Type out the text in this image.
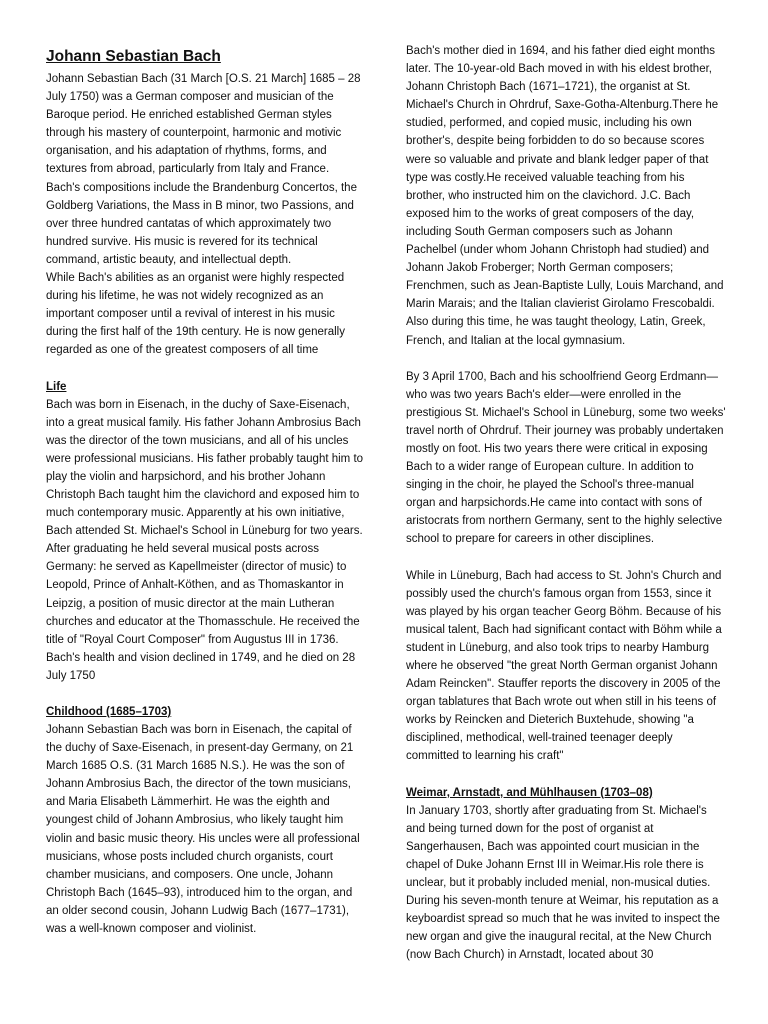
Johann Sebastian Bach

Johann Sebastian Bach (31 March [O.S. 21 March] 1685 – 28 July 1750) was a German composer and musician of the Baroque period. He enriched established German styles through his mastery of counterpoint, harmonic and motivic organisation, and his adaptation of rhythms, forms, and textures from abroad, particularly from Italy and France. Bach's compositions include the Brandenburg Concertos, the Goldberg Variations, the Mass in B minor, two Passions, and over three hundred cantatas of which approximately two hundred survive. His music is revered for its technical command, artistic beauty, and intellectual depth.

While Bach's abilities as an organist were highly respected during his lifetime, he was not widely recognized as an important composer until a revival of interest in his music during the first half of the 19th century. He is now generally regarded as one of the greatest composers of all time

Life

Bach was born in Eisenach, in the duchy of Saxe-Eisenach, into a great musical family. His father Johann Ambrosius Bach was the director of the town musicians, and all of his uncles were professional musicians. His father probably taught him to play the violin and harpsichord, and his brother Johann Christoph Bach taught him the clavichord and exposed him to much contemporary music. Apparently at his own initiative, Bach attended St. Michael's School in Lüneburg for two years. After graduating he held several musical posts across Germany: he served as Kapellmeister (director of music) to Leopold, Prince of Anhalt-Köthen, and as Thomaskantor in Leipzig, a position of music director at the main Lutheran churches and educator at the Thomasschule. He received the title of "Royal Court Composer" from Augustus III in 1736. Bach's health and vision declined in 1749, and he died on 28 July 1750

Childhood (1685–1703)

Johann Sebastian Bach was born in Eisenach, the capital of the duchy of Saxe-Eisenach, in present-day Germany, on 21 March 1685 O.S. (31 March 1685 N.S.). He was the son of Johann Ambrosius Bach, the director of the town musicians, and Maria Elisabeth Lämmerhirt. He was the eighth and youngest child of Johann Ambrosius, who likely taught him violin and basic music theory. His uncles were all professional musicians, whose posts included church organists, court chamber musicians, and composers. One uncle, Johann Christoph Bach (1645–93), introduced him to the organ, and an older second cousin, Johann Ludwig Bach (1677–1731), was a well-known composer and violinist.

Bach's mother died in 1694, and his father died eight months later. The 10-year-old Bach moved in with his eldest brother, Johann Christoph Bach (1671–1721), the organist at St. Michael's Church in Ohrdruf, Saxe-Gotha-Altenburg.There he studied, performed, and copied music, including his own brother's, despite being forbidden to do so because scores were so valuable and private and blank ledger paper of that type was costly.He received valuable teaching from his brother, who instructed him on the clavichord. J.C. Bach exposed him to the works of great composers of the day, including South German composers such as Johann Pachelbel (under whom Johann Christoph had studied) and Johann Jakob Froberger; North German composers; Frenchmen, such as Jean-Baptiste Lully, Louis Marchand, and Marin Marais; and the Italian clavierist Girolamo Frescobaldi. Also during this time, he was taught theology, Latin, Greek, French, and Italian at the local gymnasium.

By 3 April 1700, Bach and his schoolfriend Georg Erdmann—who was two years Bach's elder—were enrolled in the prestigious St. Michael's School in Lüneburg, some two weeks' travel north of Ohrdruf. Their journey was probably undertaken mostly on foot. His two years there were critical in exposing Bach to a wider range of European culture. In addition to singing in the choir, he played the School's three-manual organ and harpsichords.He came into contact with sons of aristocrats from northern Germany, sent to the highly selective school to prepare for careers in other disciplines.

While in Lüneburg, Bach had access to St. John's Church and possibly used the church's famous organ from 1553, since it was played by his organ teacher Georg Böhm. Because of his musical talent, Bach had significant contact with Böhm while a student in Lüneburg, and also took trips to nearby Hamburg where he observed "the great North German organist Johann Adam Reincken". Stauffer reports the discovery in 2005 of the organ tablatures that Bach wrote out when still in his teens of works by Reincken and Dieterich Buxtehude, showing "a disciplined, methodical, well-trained teenager deeply committed to learning his craft"

Weimar, Arnstadt, and Mühlhausen (1703–08)

In January 1703, shortly after graduating from St. Michael's and being turned down for the post of organist at Sangerhausen, Bach was appointed court musician in the chapel of Duke Johann Ernst III in Weimar.His role there is unclear, but it probably included menial, non-musical duties. During his seven-month tenure at Weimar, his reputation as a keyboardist spread so much that he was invited to inspect the new organ and give the inaugural recital, at the New Church (now Bach Church) in Arnstadt, located about 30
